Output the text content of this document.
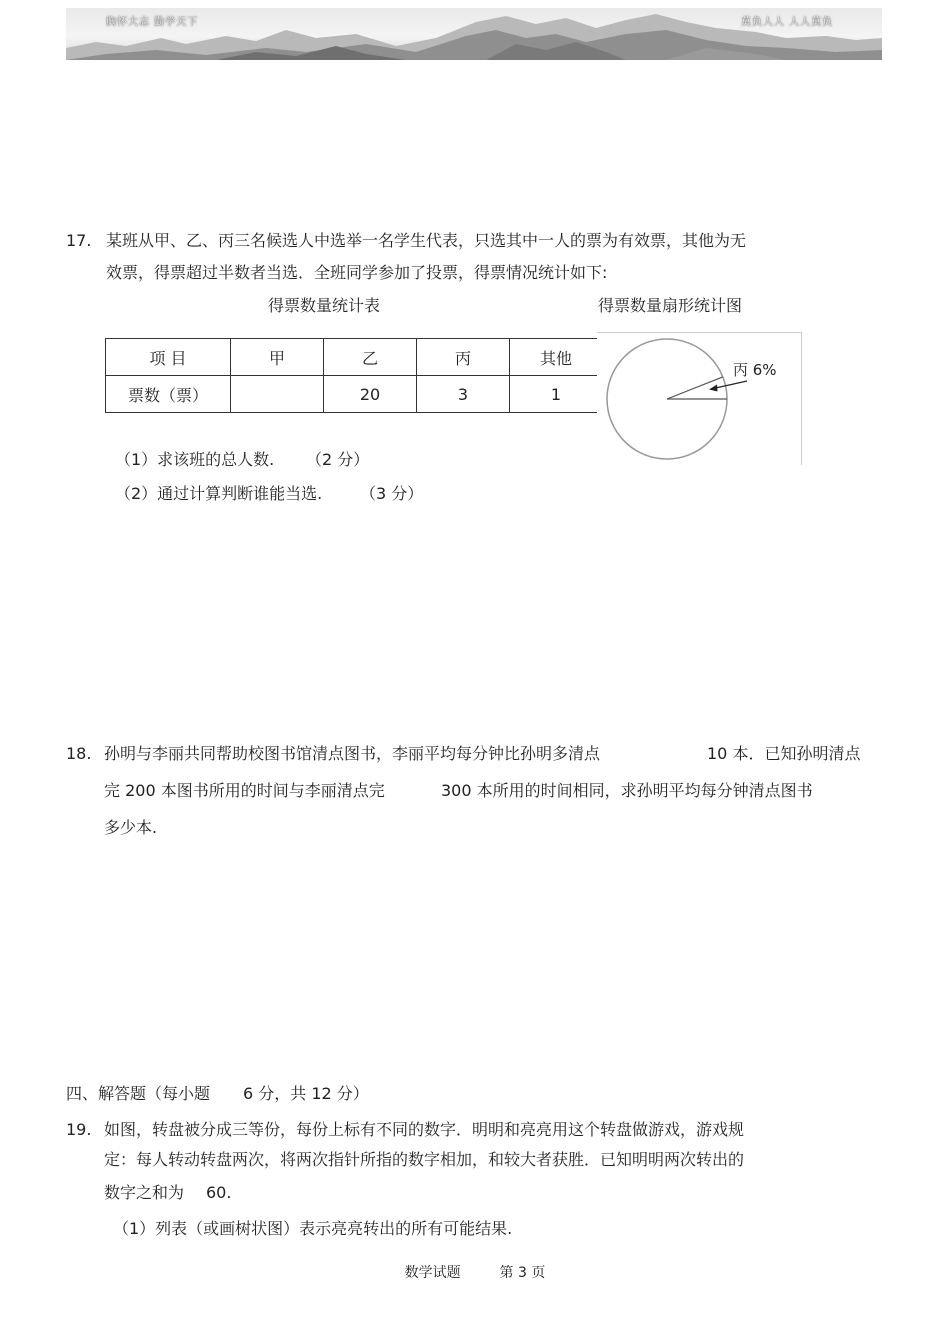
胸怀大志 勤学天下	莫负人人 人人莫负
17. 某班从甲、乙、丙三名候选人中选举一名学生代表，只选其中一人的票为有效票，其他为无
效票，得票超过半数者当选．全班同学参加了投票，得票情况统计如下:
得票数量统计表	得票数量扇形统计图
项 目	甲	乙	丙	其他
票数（票）		20	3	1
丙 6%
（1）求该班的总人数. （2 分）
（2）通过计算判断谁能当选. （3 分）
18. 孙明与李丽共同帮助校图书馆清点图书，李丽平均每分钟比孙明多清点	10 本．已知孙明清点
完 200 本图书所用的时间与李丽清点完	300 本所用的时间相同，求孙明平均每分钟清点图书
多少本.
四、解答题（每小题 6 分，共 12 分）
19. 如图，转盘被分成三等份，每份上标有不同的数字．明明和亮亮用这个转盘做游戏，游戏规
定：每人转动转盘两次，将两次指针所指的数字相加，和较大者获胜．已知明明两次转出的
数字之和为 60.
（1）列表（或画树状图）表示亮亮转出的所有可能结果.
数学试题	第 3 页
